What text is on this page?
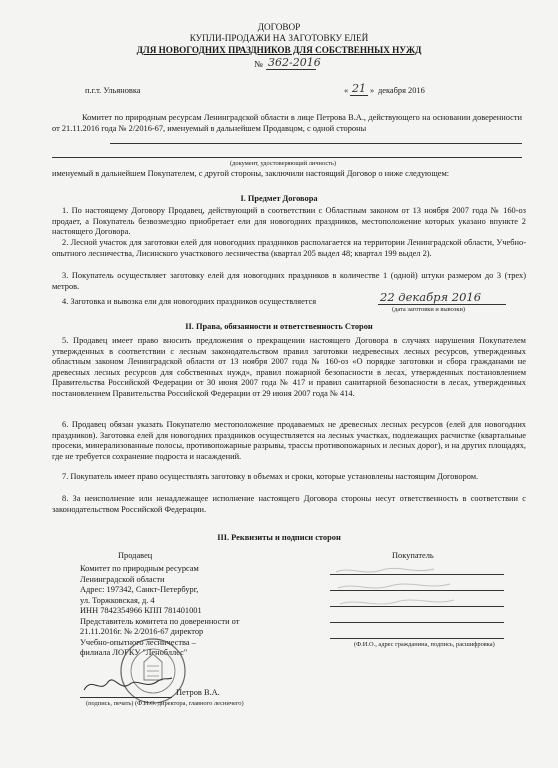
ДОГОВОР
КУПЛИ-ПРОДАЖИ НА ЗАГОТОВКУ ЕЛЕЙ
ДЛЯ НОВОГОДНИХ ПРАЗДНИКОВ ДЛЯ СОБСТВЕННЫХ НУЖД
№ 362-2016
п.г.т. Ульяновка	« 21 » декабря 2016
Комитет по природным ресурсам Ленинградской области в лице Петрова В.А., действующего на основании доверенности от 21.11.2016 года № 2/2016-67, именуемый в дальнейшем Продавцом, с одной стороны
(документ, удостоверяющий личность)
именуемый в дальнейшем Покупателем, с другой стороны, заключили настоящий Договор о ниже следующем:
I. Предмет Договора
1. По настоящему Договору Продавец, действующий в соответствии с Областным законом от 13 ноября 2007 года № 160-оз продает, а Покупатель безвозмездно приобретает ели для новогодних праздников, местоположение которых указано впункте 2 настоящего Договора.
2. Лесной участок для заготовки елей для новогодних праздников располагается на территории Ленинградской области, Учебно-опытного лесничества, Лисинского участкового лесничества (квартал 205 выдел 48; квартал 199 выдел 2).
3. Покупатель осуществляет заготовку елей для новогодних праздников в количестве 1 (одной) штуки размером до 3 (трех) метров.
4. Заготовка и вывозка ели для новогодних праздников осуществляется	22 декабря 2016
(дата заготовки и вывозки)
II. Права, обязанности и ответственность Сторон
5. Продавец имеет право вносить предложения о прекращении настоящего Договора в случаях нарушения Покупателем утвержденных в соответствии с лесным законодательством правил заготовки недревесных лесных ресурсов, утвержденных областным законом Ленинградской области от 13 ноября 2007 года № 160-оз «О порядке заготовки и сбора гражданами не древесных лесных ресурсов для собственных нужд», правил пожарной безопасности в лесах, утвержденных постановлением Правительства Российской Федерации от 30 июня 2007 года № 417 и правил санитарной безопасности в лесах, утвержденных постановлением Правительства Российской Федерации от 29 июня 2007 года № 414.
6. Продавец обязан указать Покупателю местоположение продаваемых не древесных лесных ресурсов (елей для новогодних праздников). Заготовка елей для новогодних праздников осуществляется на лесных участках, подлежащих расчистке (квартальные просеки, минерализованные полосы, противопожарные разрывы, трассы противопожарных и лесных дорог), и на других площадях, где не требуется сохранение подроста и насаждений.
7. Покупатель имеет право осуществлять заготовку в объемах и сроки, которые установлены настоящим Договором.
8. За неисполнение или ненадлежащее исполнение настоящего Договора стороны несут ответственность в соответствии с законодательством Российской Федерации.
III. Реквизиты и подписи сторон
Продавец
Комитет по природным ресурсам
Ленинградской области
Адрес: 197342, Санкт-Петербург,
ул. Торжковская, д. 4
ИНН 7842354966 КПП 781401001
Представитель комитета по доверенности от
21.11.2016г. № 2/2016-67 директор
Учебно-опытного лесничества –
филиала ЛОГКУ "Ленобллес"
Петров В.А.
(подпись, печать) (Ф.И.О. директора, главного лесничего)
Покупатель
(Ф.И.О., адрес гражданина, подпись, расшифровка)
